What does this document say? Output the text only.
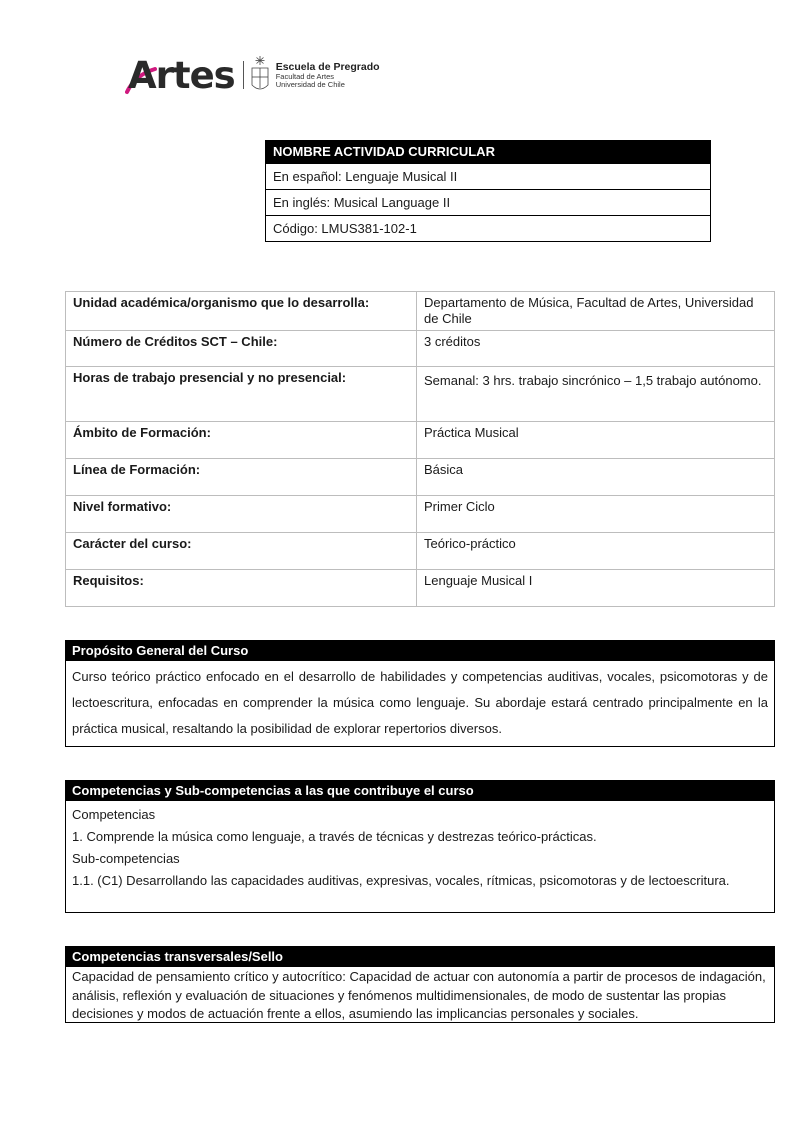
Artes	Escuela de Pregrado
Facultad de Artes
Universidad de Chile
NOMBRE ACTIVIDAD CURRICULAR
En español: Lenguaje Musical II
En inglés: Musical Language II
Código: LMUS381-102-1
Unidad académica/organismo que lo desarrolla:	Departamento de Música, Facultad de Artes, Universidad de Chile
Número de Créditos SCT – Chile:	3 créditos
Horas de trabajo presencial y no presencial:	Semanal: 3 hrs. trabajo sincrónico – 1,5 trabajo autónomo.
Ámbito de Formación:	Práctica Musical
Línea de Formación:	Básica
Nivel formativo:	Primer Ciclo
Carácter del curso:	Teórico-práctico
Requisitos:	Lenguaje Musical I
Propósito General del Curso
Curso teórico práctico enfocado en el desarrollo de habilidades y competencias auditivas, vocales, psicomotoras y de lectoescritura, enfocadas en comprender la música como lenguaje. Su abordaje estará centrado principalmente en la práctica musical, resaltando la posibilidad de explorar repertorios diversos.
Competencias y Sub-competencias a las que contribuye el curso

Competencias

1. Comprende la música como lenguaje, a través de técnicas y destrezas teórico-prácticas.

Sub-competencias

1.1. (C1) Desarrollando las capacidades auditivas, expresivas, vocales, rítmicas, psicomotoras y de lectoescritura.

Competencias transversales/Sello
Capacidad de pensamiento crítico y autocrítico: Capacidad de actuar con autonomía a partir de procesos de indagación, análisis, reflexión y evaluación de situaciones y fenómenos multidimensionales, de modo de sustentar las propias decisiones y modos de actuación frente a ellos, asumiendo las implicancias personales y sociales.
